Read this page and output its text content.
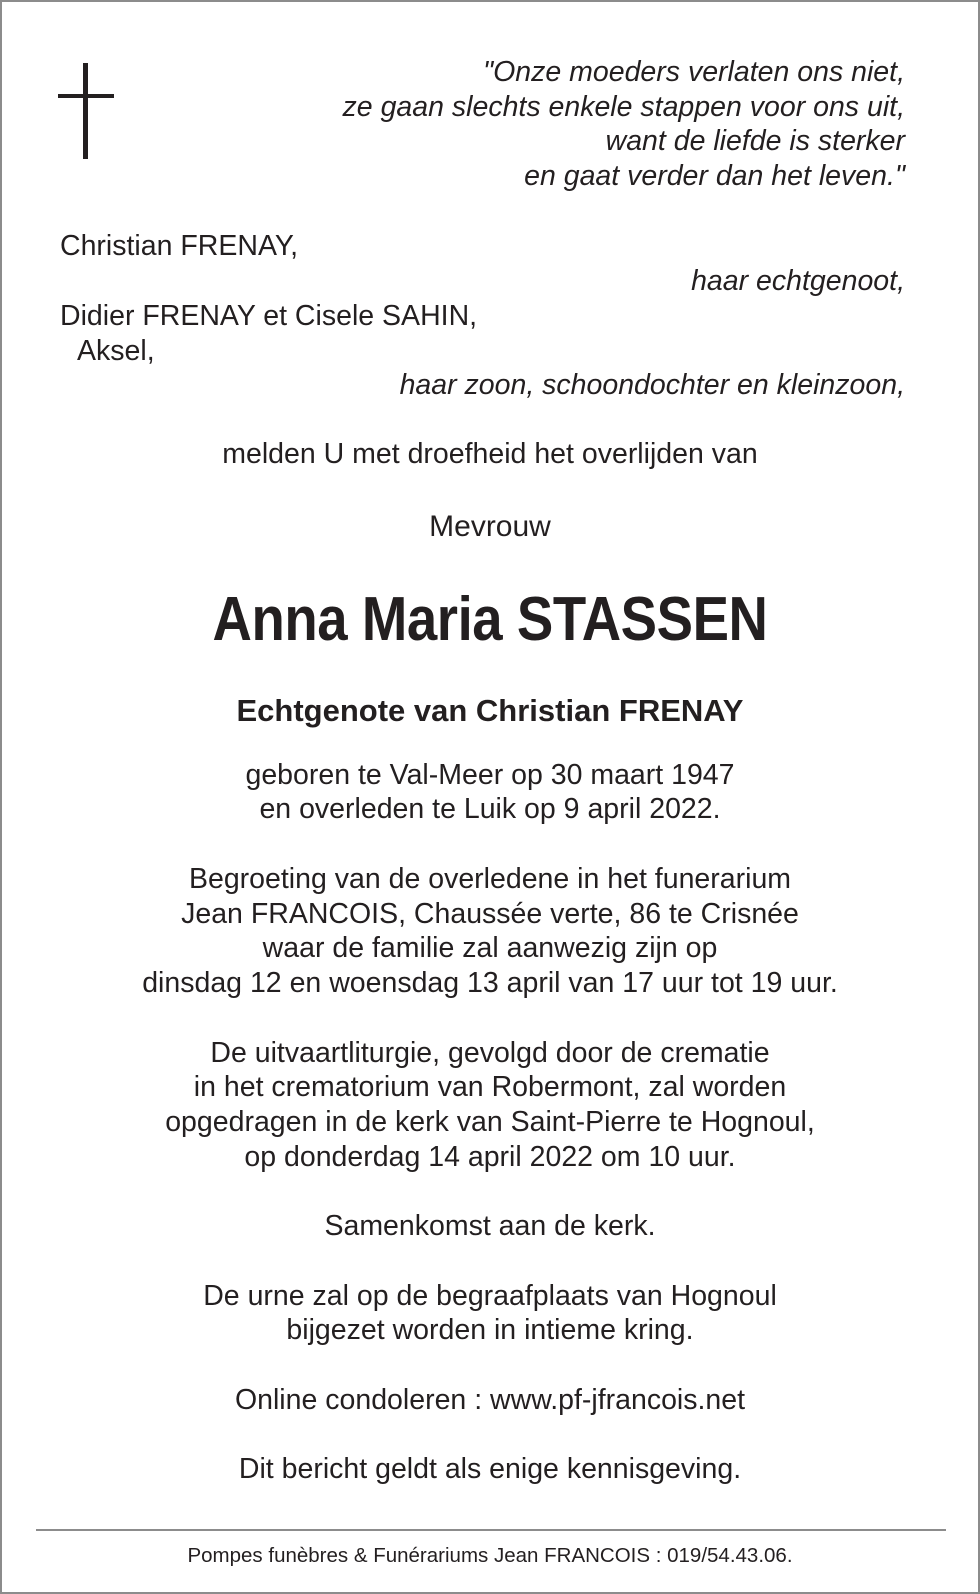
"Onze moeders verlaten ons niet,
ze gaan slechts enkele stappen voor ons uit,
want de liefde is sterker
en gaat verder dan het leven."
Christian FRENAY,
haar echtgenoot,
Didier FRENAY et Cisele SAHIN,
Aksel,
haar zoon, schoondochter en kleinzoon,
melden U met droefheid het overlijden van
Mevrouw
Anna Maria STASSEN
Echtgenote van Christian FRENAY
geboren te Val-Meer op 30 maart 1947
en overleden te Luik op 9 april 2022.
Begroeting van de overledene in het funerarium
Jean FRANCOIS, Chaussée verte, 86 te Crisnée
waar de familie zal aanwezig zijn op
dinsdag 12 en woensdag 13 april van 17 uur tot 19 uur.
De uitvaartliturgie, gevolgd door de crematie
in het crematorium van Robermont, zal worden
opgedragen in de kerk van Saint-Pierre te Hognoul,
op donderdag 14 april 2022 om 10 uur.
Samenkomst aan de kerk.
De urne zal op de begraafplaats van Hognoul
bijgezet worden in intieme kring.
Online condoleren : www.pf-jfrancois.net
Dit bericht geldt als enige kennisgeving.
Pompes funèbres & Funérariums Jean FRANCOIS : 019/54.43.06.
